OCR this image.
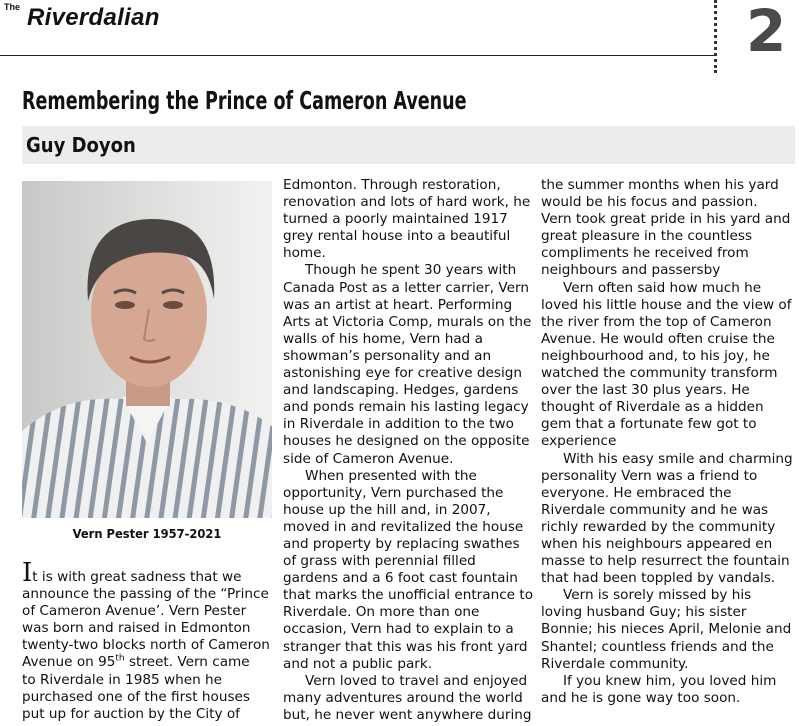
The Riverdalian	2
Remembering the Prince of Cameron Avenue
Guy Doyon
Vern Pester 1957-2021

It is with great sadness that we

announce the passing of the “Prince

of Cameron Avenue’. Vern Pester

was born and raised in Edmonton

twenty-two blocks north of Cameron

Avenue on 95th street. Vern came

to Riverdale in 1985 when he

purchased one of the first houses

put up for auction by the City of

Edmonton. Through restoration,

renovation and lots of hard work, he

turned a poorly maintained 1917

grey rental house into a beautiful

home.

Though he spent 30 years with

Canada Post as a letter carrier, Vern

was an artist at heart. Performing

Arts at Victoria Comp, murals on the

walls of his home, Vern had a

showman’s personality and an

astonishing eye for creative design

and landscaping. Hedges, gardens

and ponds remain his lasting legacy

in Riverdale in addition to the two

houses he designed on the opposite

side of Cameron Avenue.

When presented with the

opportunity, Vern purchased the

house up the hill and, in 2007,

moved in and revitalized the house

and property by replacing swathes

of grass with perennial filled

gardens and a 6 foot cast fountain

that marks the unofficial entrance to

Riverdale. On more than one

occasion, Vern had to explain to a

stranger that this was his front yard

and not a public park.

Vern loved to travel and enjoyed

many adventures around the world

but, he never went anywhere during

the summer months when his yard

would be his focus and passion.

Vern took great pride in his yard and

great pleasure in the countless

compliments he received from

neighbours and passersby

Vern often said how much he

loved his little house and the view of

the river from the top of Cameron

Avenue. He would often cruise the

neighbourhood and, to his joy, he

watched the community transform

over the last 30 plus years. He

thought of Riverdale as a hidden

gem that a fortunate few got to

experience

With his easy smile and charming

personality Vern was a friend to

everyone. He embraced the

Riverdale community and he was

richly rewarded by the community

when his neighbours appeared en

masse to help resurrect the fountain

that had been toppled by vandals.

Vern is sorely missed by his

loving husband Guy; his sister

Bonnie; his nieces April, Melonie and

Shantel; countless friends and the

Riverdale community.

If you knew him, you loved him

and he is gone way too soon.
